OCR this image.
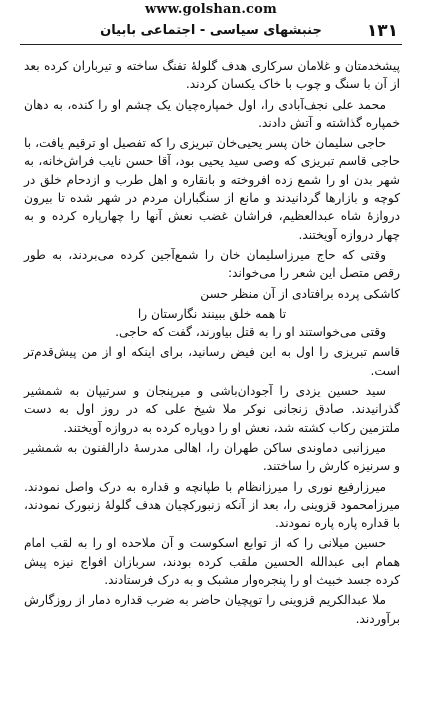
www.golshan.com
۱۳۱
جنبشهای سیاسی - اجتماعی بابیان

پیشخدمتان و غلامان سرکاری هدف گلولهٔ تفنگ ساخته و تیرباران کرده بعد از آن با سنگ و چوب با خاک یکسان کردند.

محمد علی نجف‌آبادی را، اول خمپاره‌چیان یک چشم او را کنده، به دهان خمپاره گذاشته و آتش دادند.

حاجی سلیمان خان پسر یحیی‌خان تبریزی را که تفصیل او ترقیم یافت، با حاجی قاسم تبریزی که وصی سید یحیی بود، آقا حسن نایب فراش‌خانه، به شهر بدن او را شمع زده افروخته و بانقاره و اهل طرب و ازدحام خلق در کوچه و بازارها گردانیدند و مانع از سنگباران مردم در شهر شده تا بیرون دروازهٔ شاه عبدالعظیم، فراشان غضب نعش آنها را چهارپاره کرده و به چهار دروازه آویختند.

وقتی که حاج میرزاسلیمان خان را شمع‌آجین کرده می‌بردند، به طور رقص متصل این شعر را می‌خواند:

کاشکی پرده برافتادی از آن منظر حسن

تا همه خلق ببینند نگارستان را

وقتی می‌خواستند او را به قتل بیاورند، گفت که حاجی.

قاسم تبریزی را اول به این فیض رسانید، برای اینکه او از من پیش‌قدم‌تر است.

سید حسین یزدی را آجودان‌باشی و میرپنجان و سرتیپان به شمشیر گذرانیدند. صادق زنجانی نوکر ملا شیخ علی که در روز اول به دست ملتزمین رکاب کشته شد، نعش او را دوپاره کرده به دروازه آویختند.

میرزانبی دماوندی ساکن طهران را، اهالی مدرسهٔ دارالفنون به شمشیر و سرنیزه کارش را ساختند.

میرزارفیع نوری را میرزانظام با طپانچه و قداره به درک واصل نمودند. میرزامحمود قزوینی را، بعد از آنکه زنبورکچیان هدف گلولهٔ زنبورک نمودند، با قداره پاره پاره نمودند.

حسین میلانی را که از توابع اسکوست و آن ملاحده او را به لقب امام همام ابی عبدالله الحسین ملقب کرده بودند، سربازان افواج نیزه پیش کرده جسد خبیث او را پنجره‌وار مشبک و به درک فرستادند.

ملا عبدالکریم قزوینی را توپچیان حاضر به ضرب قداره دمار از روزگارش برآوردند.
